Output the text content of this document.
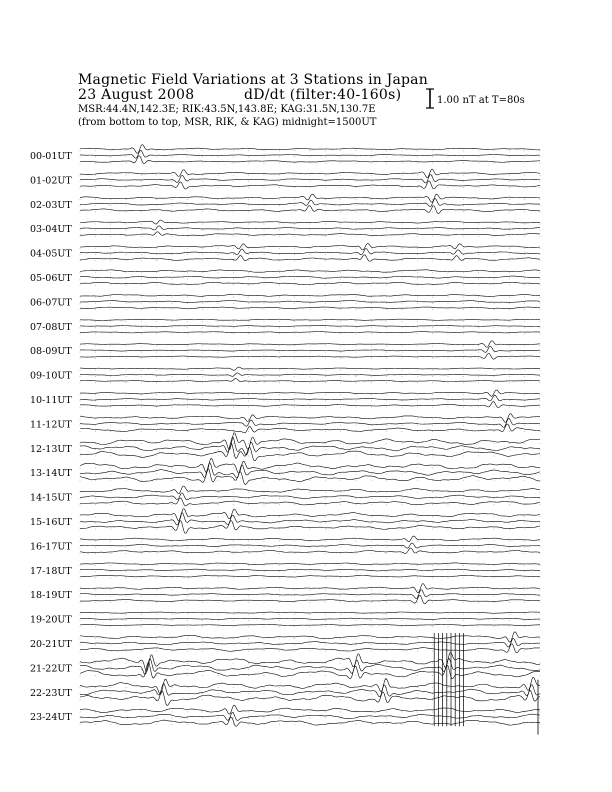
Magnetic Field Variations at 3 Stations in Japan
23 August 2008	dD/dt (filter:40-160s)
MSR:44.4N,142.3E; RIK:43.5N,143.8E; KAG:31.5N,130.7E
(from bottom to top, MSR, RIK, & KAG) midnight=1500UT
1.00 nT at T=80s
00-01UT
01-02UT
02-03UT
03-04UT
04-05UT
05-06UT
06-07UT
07-08UT
08-09UT
09-10UT
10-11UT
11-12UT
12-13UT
13-14UT
14-15UT
15-16UT
16-17UT
17-18UT
18-19UT
19-20UT
20-21UT
21-22UT
22-23UT
23-24UT
